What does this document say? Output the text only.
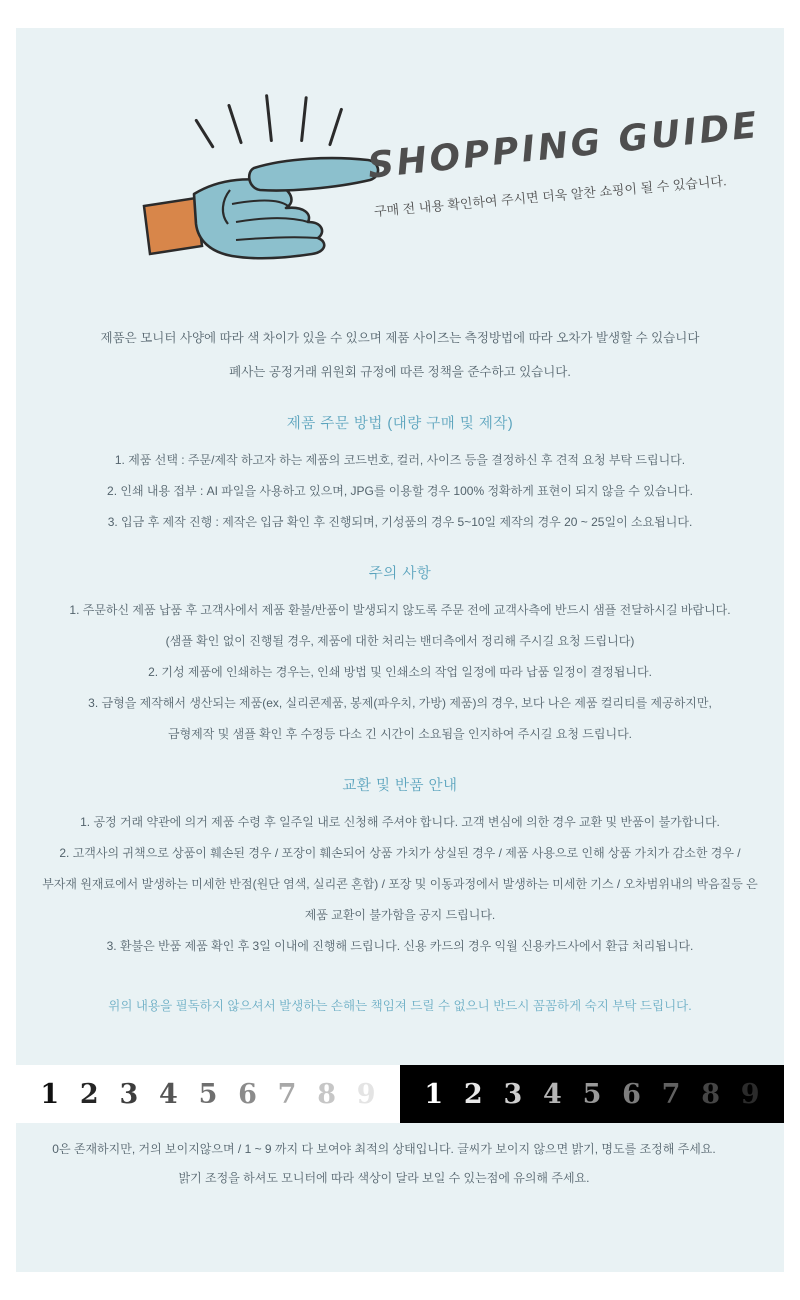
SHOPPING GUIDE
구매 전 내용 확인하여 주시면 더욱 알찬 쇼핑이 될 수 있습니다.

제품은 모니터 사양에 따라 색 차이가 있을 수 있으며 제품 사이즈는 측정방법에 따라 오차가 발생할 수 있습니다

폐사는 공정거래 위원회 규정에 따른 정책을 준수하고 있습니다.

제품 주문 방법 (대량 구매 및 제작)

1. 제품 선택 : 주문/제작 하고자 하는 제품의 코드번호, 컬러, 사이즈 등을 결정하신 후 견적 요청 부탁 드립니다.

2. 인쇄 내용 접부 : AI 파일을 사용하고 있으며, JPG를 이용할 경우 100% 정확하게 표현이 되지 않을 수 있습니다.

3. 입금 후 제작 진행 : 제작은 입금 확인 후 진행되며, 기성품의 경우 5~10일 제작의 경우 20 ~ 25일이 소요됩니다.

주의 사항

1. 주문하신 제품 납품 후 고객사에서 제품 환불/반품이 발생되지 않도록 주문 전에 교객사측에 반드시 샘플 전달하시길 바랍니다.

(샘플 확인 없이 진행될 경우, 제품에 대한 처리는 밴더측에서 정리해 주시길 요청 드립니다)

2. 기성 제품에 인쇄하는 경우는, 인쇄 방법 및 인쇄소의 작업 일정에 따라 납품 일정이 결정됩니다.

3. 금형을 제작해서 생산되는 제품(ex, 실리콘제품, 봉제(파우치, 가방) 제품)의 경우, 보다 나은 제품 컬리티를 제공하지만,

금형제작 및 샘플 확인 후 수정등 다소 긴 시간이 소요됨을 인지하여 주시길 요청 드립니다.

교환 및 반품 안내

1. 공정 거래 약관에 의거 제품 수령 후 일주일 내로 신청해 주셔야 합니다. 고객 변심에 의한 경우 교환 및 반품이 불가합니다.

2. 고객사의 귀책으로 상품이 훼손된 경우 / 포장이 훼손되어 상품 가치가 상실된 경우 / 제품 사용으로 인해 상품 가치가 감소한 경우 /

부자재 원재료에서 발생하는 미세한 반점(원단 염색, 실리콘 혼합) / 포장 및 이동과정에서 발생하는 미세한 기스 / 오차범위내의 박음질등 은

제품 교환이 불가함을 공지 드립니다.

3. 환불은 반품 제품 확인 후 3일 이내에 진행해 드립니다. 신용 카드의 경우 익월 신용카드사에서 환급 처리됩니다.

위의 내용을 필독하지 않으셔서 발생하는 손해는 책임져 드릴 수 없으니 반드시 꼼꼼하게 숙지 부탁 드립니다.
1 2 3 4 5 6 7 8 9 1 2 3 4 5 6 7 8 9

0은 존재하지만, 거의 보이지않으며 / 1 ~ 9 까지 다 보여야 최적의 상태입니다. 글씨가 보이지 않으면 밝기, 명도를 조정해 주세요.

밝기 조정을 하셔도 모니터에 따라 색상이 달라 보일 수 있는점에 유의해 주세요.
